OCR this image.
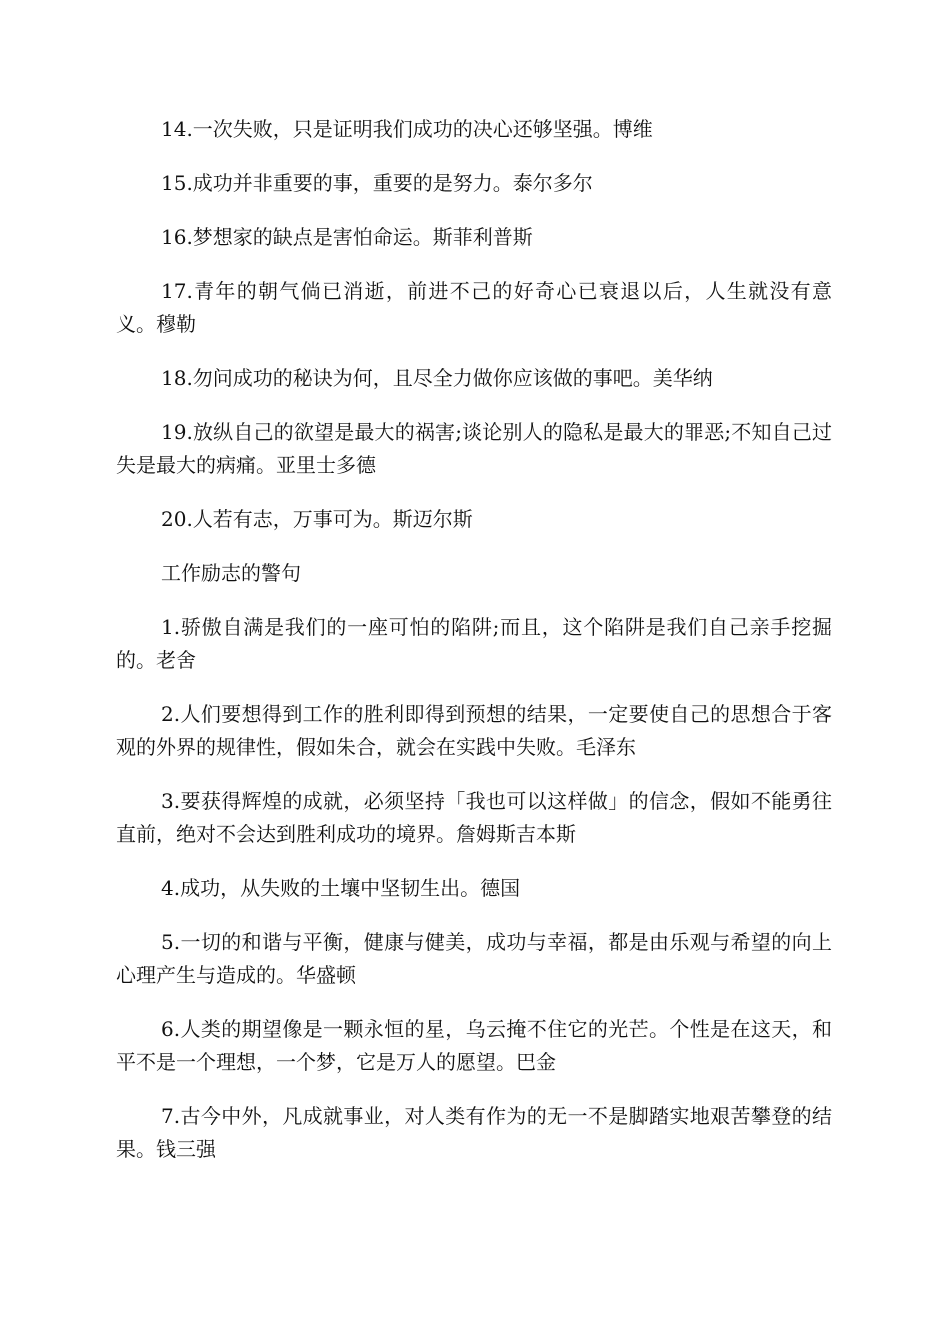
14.一次失败，只是证明我们成功的决心还够坚强。博维

15.成功并非重要的事，重要的是努力。泰尔多尔

16.梦想家的缺点是害怕命运。斯菲利普斯

17.青年的朝气倘已消逝，前进不己的好奇心已衰退以后，人生就没有意义。穆勒

18.勿问成功的秘诀为何，且尽全力做你应该做的事吧。美华纳

19.放纵自己的欲望是最大的祸害;谈论别人的隐私是最大的罪恶;不知自己过失是最大的病痛。亚里士多德

20.人若有志，万事可为。斯迈尔斯

工作励志的警句

1.骄傲自满是我们的一座可怕的陷阱;而且，这个陷阱是我们自己亲手挖掘的。老舍

2.人们要想得到工作的胜利即得到预想的结果，一定要使自己的思想合于客观的外界的规律性，假如朱合，就会在实践中失败。毛泽东

3.要获得辉煌的成就，必须坚持「我也可以这样做」的信念，假如不能勇往直前，绝对不会达到胜利成功的境界。詹姆斯吉本斯

4.成功，从失败的土壤中坚韧生出。德国

5.一切的和谐与平衡，健康与健美，成功与幸福，都是由乐观与希望的向上心理产生与造成的。华盛顿

6.人类的期望像是一颗永恒的星，乌云掩不住它的光芒。个性是在这天，和平不是一个理想，一个梦，它是万人的愿望。巴金

7.古今中外，凡成就事业，对人类有作为的无一不是脚踏实地艰苦攀登的结果。钱三强
